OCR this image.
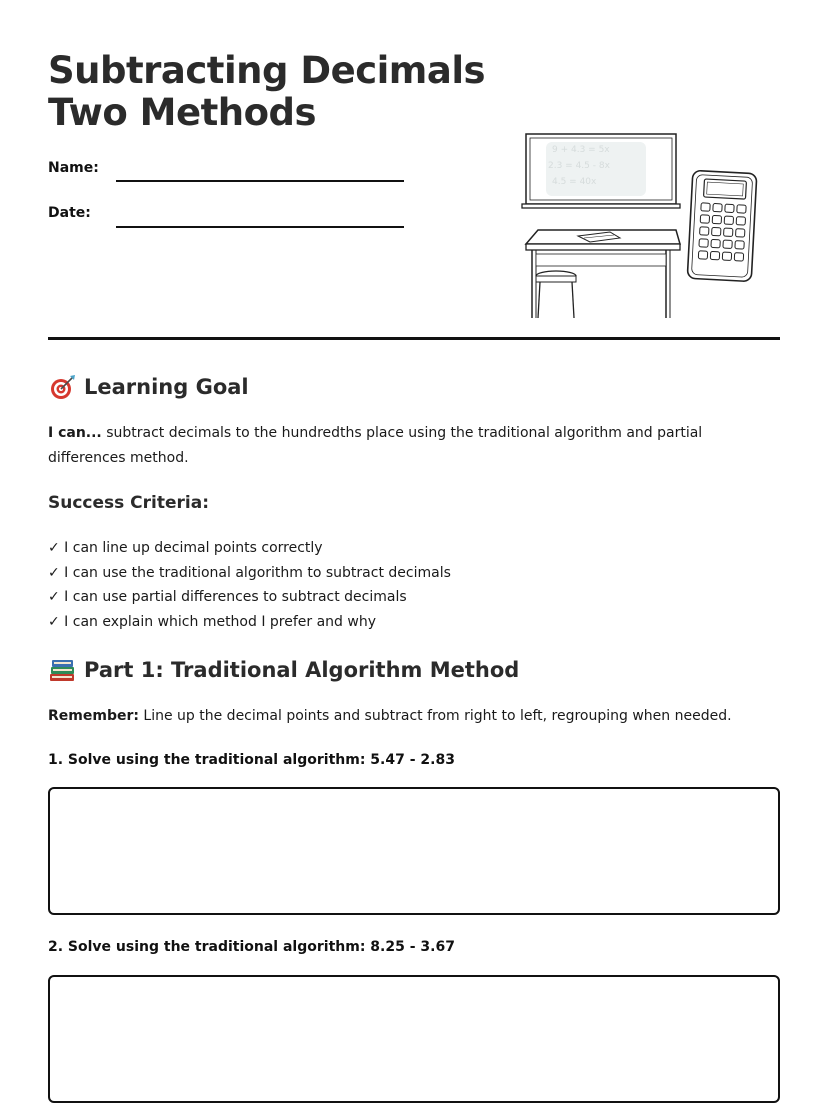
Subtracting Decimals
Two Methods
Name:
Date:
9 + 4.3 = 5x
2.3 = 4.5 - 8x
4.5 = 40x
Learning Goal

I can... subtract decimals to the hundredths place using the traditional algorithm and partial differences method.

Success Criteria:
✓ I can line up decimal points correctly
✓ I can use the traditional algorithm to subtract decimals
✓ I can use partial differences to subtract decimals
✓ I can explain which method I prefer and why
Part 1: Traditional Algorithm Method

Remember: Line up the decimal points and subtract from right to left, regrouping when needed.

1. Solve using the traditional algorithm: 5.47 - 2.83

2. Solve using the traditional algorithm: 8.25 - 3.67
